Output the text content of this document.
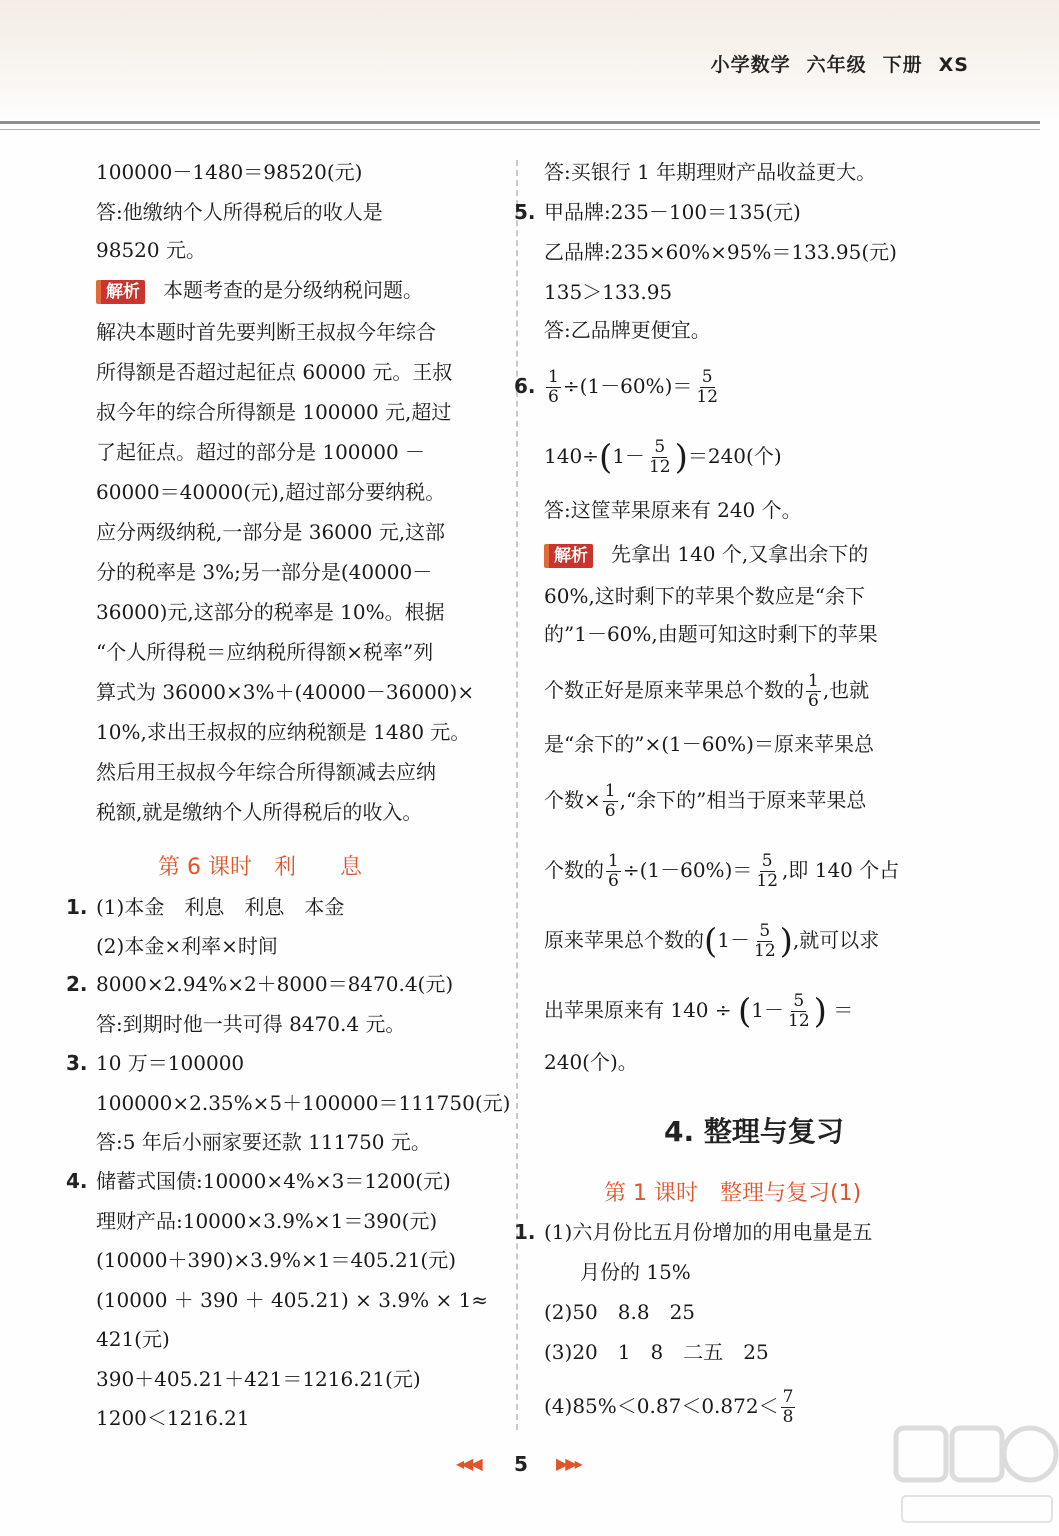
小学数学 六年级 下册 XS
100000－1480＝98520(元)
答:他缴纳个人所得税后的收人是
98520 元。
解析 本题考查的是分级纳税问题。
解决本题时首先要判断王叔叔今年综合
所得额是否超过起征点 60000 元。王叔
叔今年的综合所得额是 100000 元,超过
了起征点。超过的部分是 100000 －
60000＝40000(元),超过部分要纳税。
应分两级纳税,一部分是 36000 元,这部
分的税率是 3%;另一部分是(40000－
36000)元,这部分的税率是 10%。根据
“个人所得税＝应纳税所得额×税率”列
算式为 36000×3%＋(40000－36000)×
10%,求出王叔叔的应纳税额是 1480 元。
然后用王叔叔今年综合所得额减去应纳
税额,就是缴纳个人所得税后的收入。
第 6 课时　利　　息
1. (1)本金　利息　利息　本金
(2)本金×利率×时间
2. 8000×2.94%×2＋8000＝8470.4(元)
答:到期时他一共可得 8470.4 元。
3. 10 万＝100000
100000×2.35%×5＋100000＝111750(元)
答:5 年后小丽家要还款 111750 元。
4. 储蓄式国债:10000×4%×3＝1200(元)
理财产品:10000×3.9%×1＝390(元)
(10000＋390)×3.9%×1＝405.21(元)
(10000 ＋ 390 ＋ 405.21) × 3.9% × 1≈
421(元)
390＋405.21＋421＝1216.21(元)
1200＜1216.21
答:买银行 1 年期理财产品收益更大。
5. 甲品牌:235－100＝135(元)
乙品牌:235×60%×95%＝133.95(元)
135＞133.95
答:乙品牌更便宜。
6. $\frac{1}{6} \div(1-60\%)= \frac{5}{12}$
$140\div(1- \frac{5}{12} )=240$(个)
答:这筐苹果原来有 240 个。
解析 先拿出 140 个,又拿出余下的
60%,这时剩下的苹果个数应是“余下
的”1－60%,由题可知这时剩下的苹果
个数正好是原来苹果总个数的 $\frac{1}{6}$ ,也就
是“余下的”×(1－60%)＝原来苹果总
个数× $\frac{1}{6}$ ,“余下的”相当于原来苹果总
个数的 $\frac{1}{6} \div(1-60\%)= \frac{5}{12}$ ,即 140 个占
原来苹果总个数的($1- \frac{5}{12}$ ),就可以求
出苹果原来有 $140 \div (1- \frac{5}{12}$ ) ＝
240(个)。
4. 整理与复习
第 1 课时　整理与复习(1)
1. (1)六月份比五月份增加的用电量是五
月份的 15%
(2)50　8.8　25
(3)20　1　8　二五　25
$(4)85\%<0.87<0.872< \frac{7}{8}$
◂◀◀ 5 ▶▶▸
